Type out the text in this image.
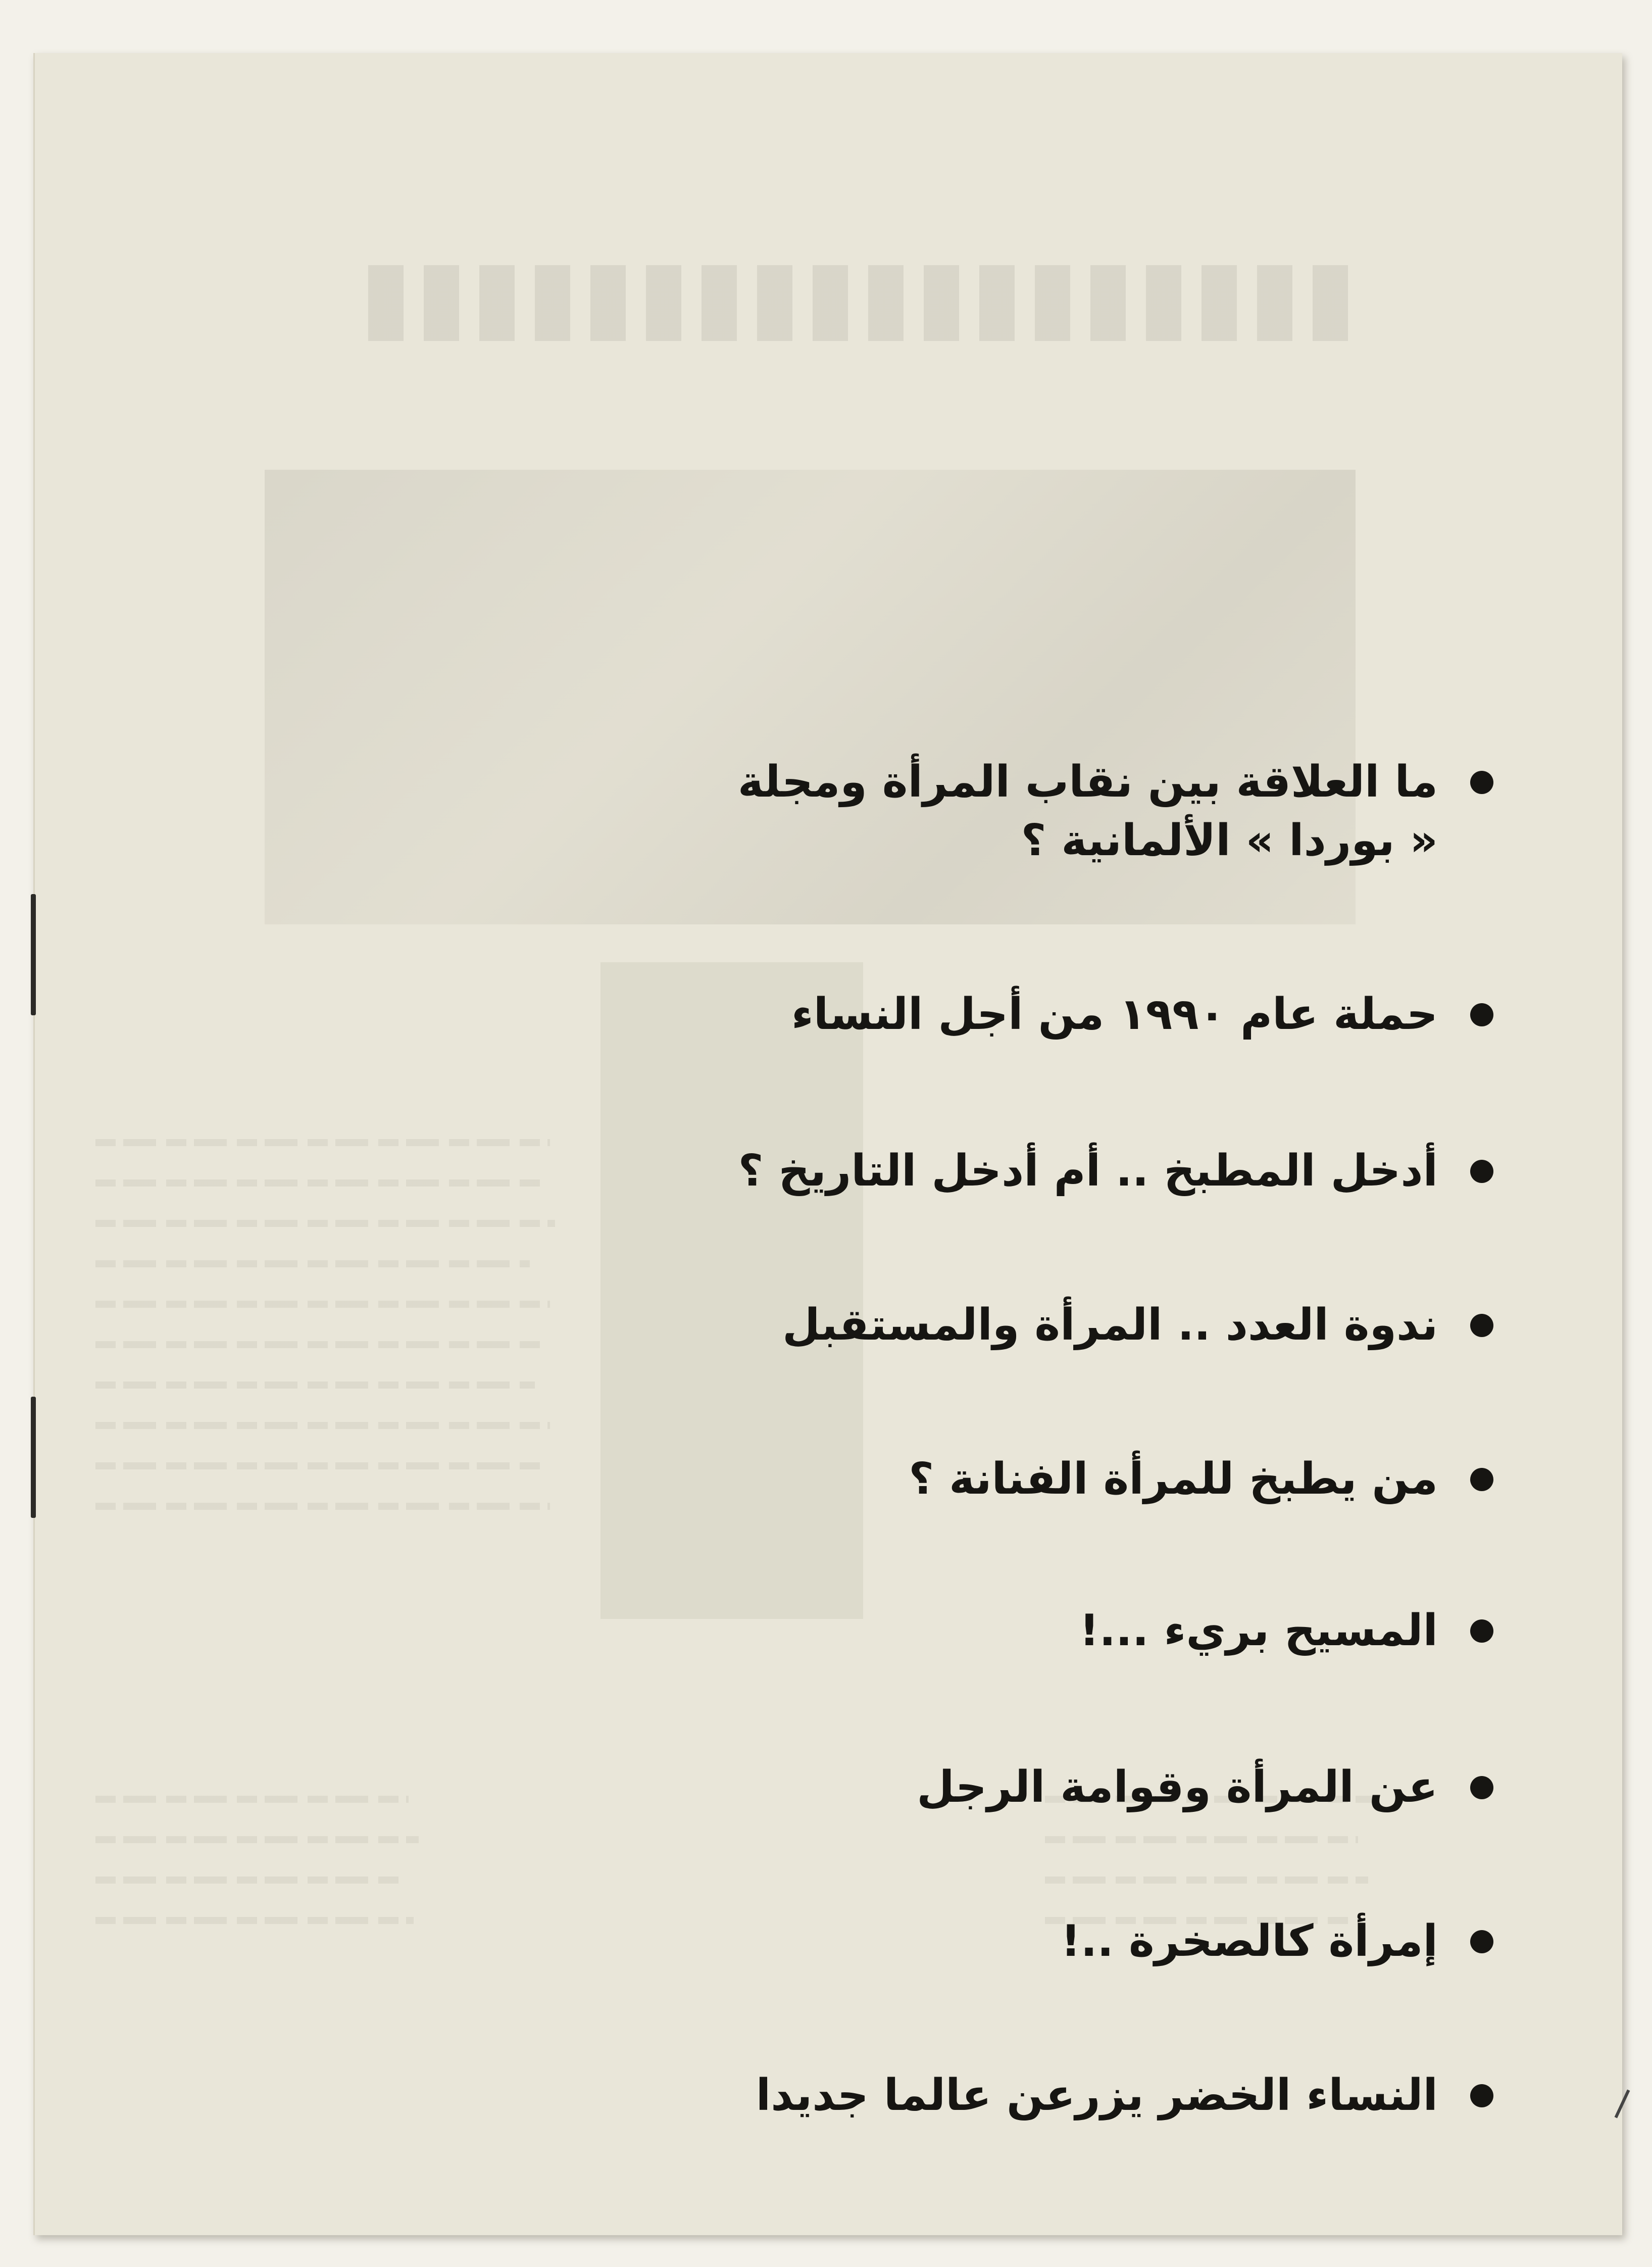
ما العلاقة بين نقاب المرأة ومجلة « بوردا » الألمانية ؟
حملة عام ١٩٩٠ من أجل النساء
أدخل المطبخ .. أم أدخل التاريخ ؟
ندوة العدد .. المرأة والمستقبل
من يطبخ للمرأة الفنانة ؟
المسيح بريء ...!
عن المرأة وقوامة الرجل
إمرأة كالصخرة ..!
النساء الخضر يزرعن عالما جديدا
